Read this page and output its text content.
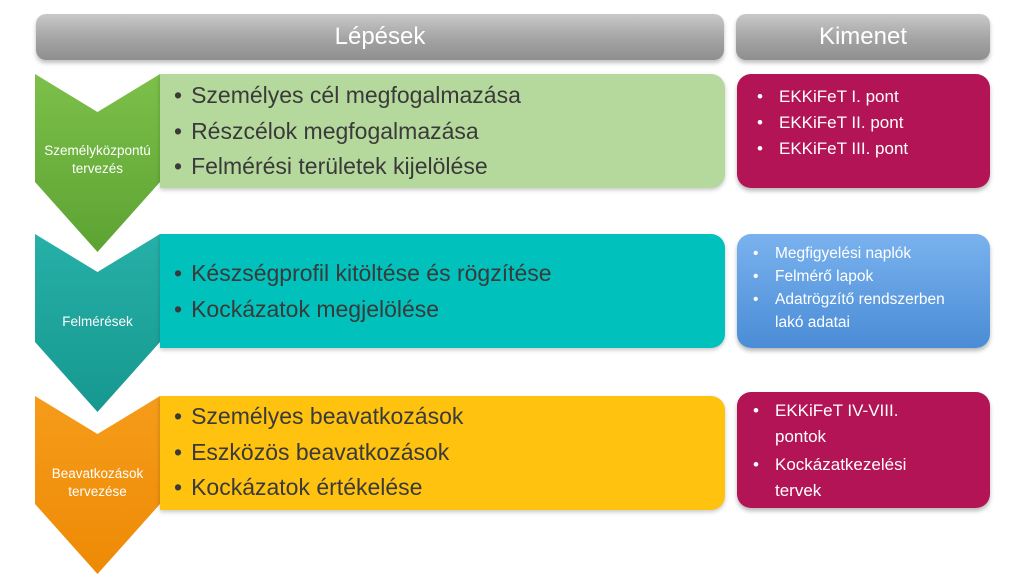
Lépések	Kimenet
Személyközpontú
tervezés
• Személyes cél megfogalmazása
• Részcélok megfogalmazása
• Felmérési területek kijelölése
• EKKiFeT I. pont
• EKKiFeT II. pont
• EKKiFeT III. pont
Felmérések
• Készségprofil kitöltése és rögzítése
• Kockázatok megjelölése
• Megfigyelési naplók
• Felmérő lapok
• Adatrögzítő rendszerben
lakó adatai
Beavatkozások
tervezése
• Személyes beavatkozások
• Eszközös beavatkozások
• Kockázatok értékelése
• EKKiFeT IV-VIII.
pontok
• Kockázatkezelési
tervek
